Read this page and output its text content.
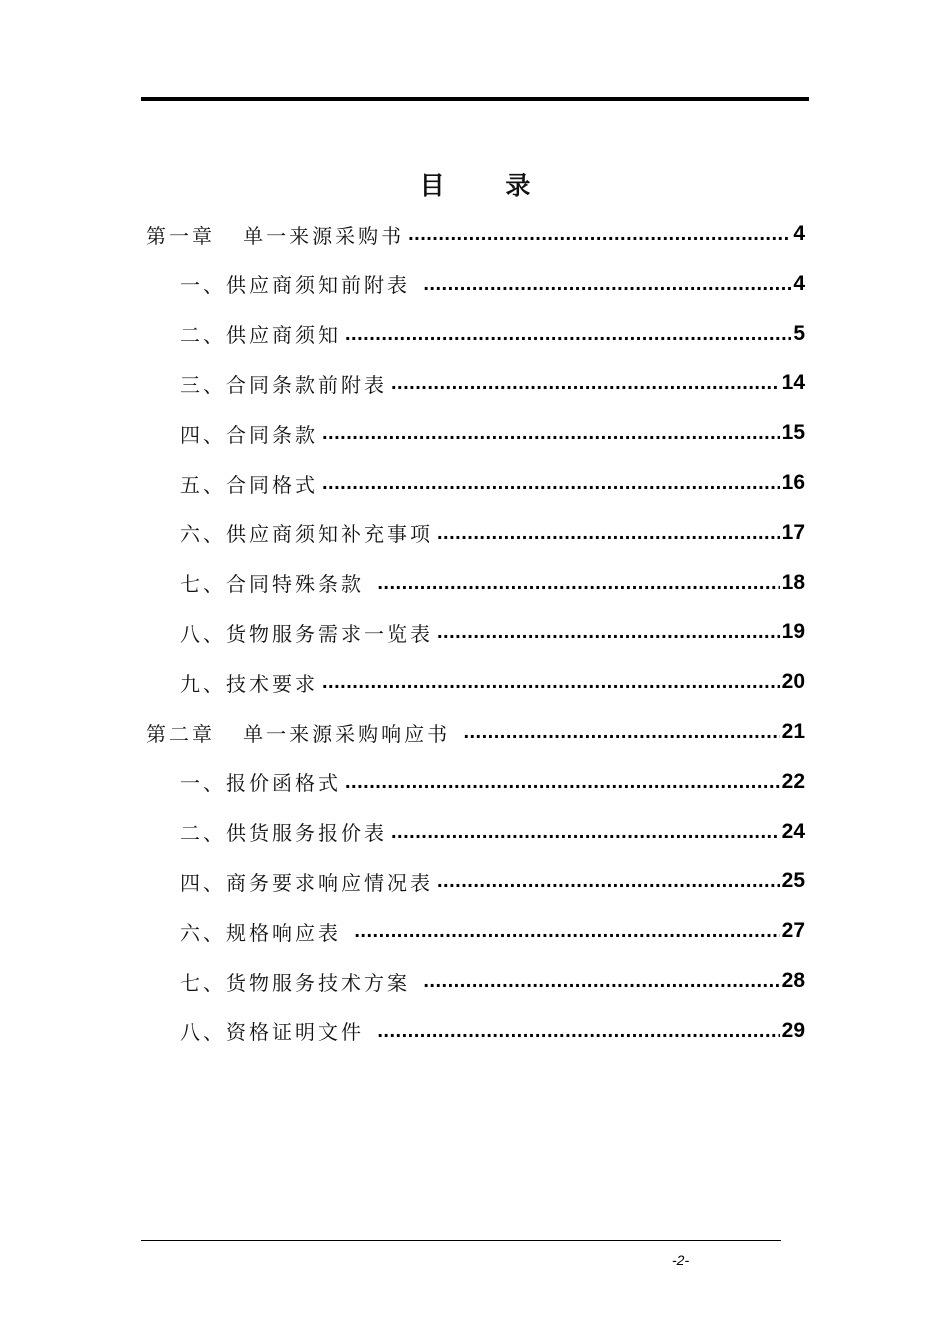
目 录
第一章   单一来源采购书 .....	4
一、供应商须知前附表 .....	4
二、供应商须知 .....	5
三、合同条款前附表 .....	14
四、合同条款 .....	15
五、合同格式 .....	16
六、供应商须知补充事项 .....	17
七、合同特殊条款 .....	18
八、货物服务需求一览表 .....	19
九、技术要求 .....	20
第二章   单一来源采购响应书 .....	21
一、报价函格式 .....	22
二、供货服务报价表 .....	24
四、商务要求响应情况表 .....	25
六、规格响应表 .....	27
七、货物服务技术方案 .....	28
八、资格证明文件 .....	29
-2-
